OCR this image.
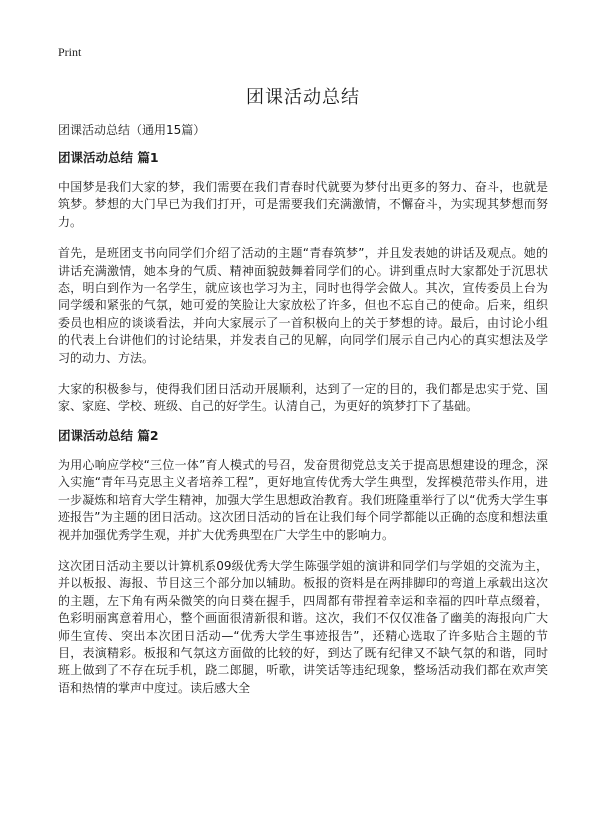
Print

团课活动总结

团课活动总结（通用15篇）

团课活动总结 篇1

中国梦是我们大家的梦，我们需要在我们青春时代就要为梦付出更多的努力、奋斗，也就是筑梦。梦想的大门早已为我们打开，可是需要我们充满激情，不懈奋斗，为实现其梦想而努力。

首先，是班团支书向同学们介绍了活动的主题“青春筑梦”，并且发表她的讲话及观点。她的讲话充满激情，她本身的气质、精神面貌鼓舞着同学们的心。讲到重点时大家都处于沉思状态，明白到作为一名学生，就应该也学习为主，同时也得学会做人。其次，宣传委员上台为同学缓和紧张的气氛，她可爱的笑脸让大家放松了许多，但也不忘自己的使命。后来，组织委员也相应的谈谈看法，并向大家展示了一首积极向上的关于梦想的诗。最后，由讨论小组的代表上台讲他们的讨论结果，并发表自己的见解，向同学们展示自己内心的真实想法及学习的动力、方法。

大家的积极参与，使得我们团日活动开展顺利，达到了一定的目的，我们都是忠实于党、国家、家庭、学校、班级、自己的好学生。认清自己，为更好的筑梦打下了基础。

团课活动总结 篇2

为用心响应学校“三位一体”育人模式的号召，发奋贯彻党总支关于提高思想建设的理念，深入实施“青年马克思主义者培养工程”，更好地宣传优秀大学生典型，发挥模范带头作用，进一步凝炼和培育大学生精神，加强大学生思想政治教育。我们班隆重举行了以“优秀大学生事迹报告”为主题的团日活动。这次团日活动的旨在让我们每个同学都能以正确的态度和想法重视并加强优秀学生观，并扩大优秀典型在广大学生中的影响力。

这次团日活动主要以计算机系09级优秀大学生陈强学姐的演讲和同学们与学姐的交流为主，并以板报、海报、节目这三个部分加以辅助。板报的资料是在两排脚印的弯道上承载出这次的主题，左下角有两朵微笑的向日葵在握手，四周都有带捏着幸运和幸福的四叶草点缀着，色彩明丽寓意着用心，整个画面很清新很和谐。这次，我们不仅仅准备了幽美的海报向广大师生宣传、突出本次团日活动—“优秀大学生事迹报告”，还精心选取了许多贴合主题的节目，表演精彩。板报和气氛这方面做的比较的好，到达了既有纪律又不缺气氛的和谐，同时班上做到了不存在玩手机，跷二郎腿，听歌，讲笑话等违纪现象，整场活动我们都在欢声笑语和热情的掌声中度过。读后感大全
